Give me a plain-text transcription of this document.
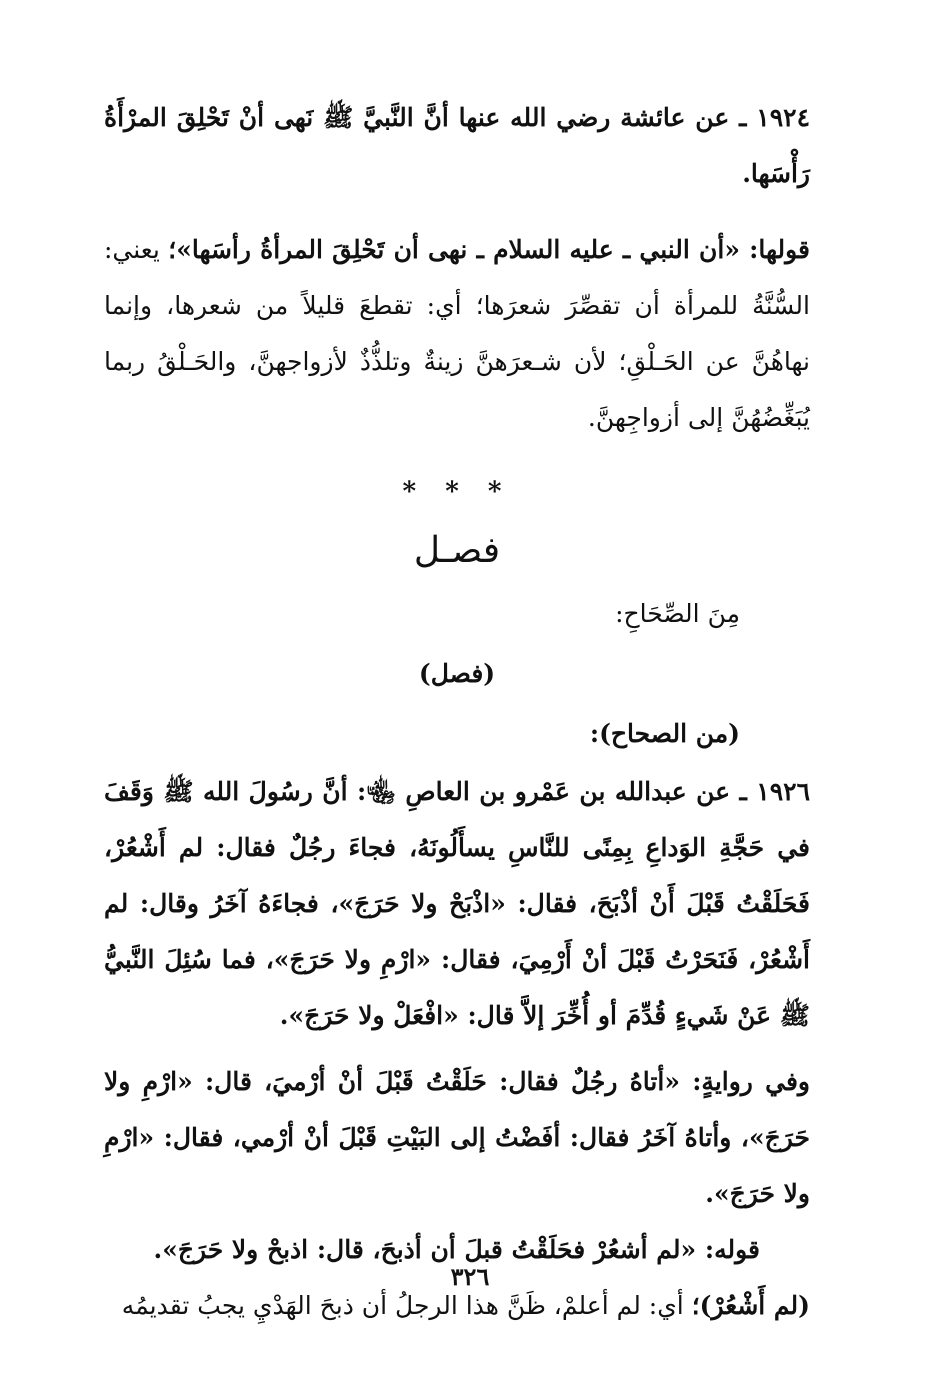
١٩٢٤ ـ عن عائشة رضي الله عنها أنَّ النَّبيَّ ﷺ نَهى أنْ تَحْلِقَ المرْأَةُ رَأْسَها.

قولها: «أن النبي ـ عليه السلام ـ نهى أن تَحْلِقَ المرأةُ رأسَها»؛ يعني: السُّنَّةُ للمرأة أن تقصِّرَ شعرَها؛ أي: تقطعَ قليلاً من شعرها، وإنما نهاهُنَّ عن الحَـلْقِ؛ لأن شـعرَهنَّ زينةٌ وتلذُّذٌ لأزواجهنَّ، والحَـلْقُ ربما يُبَغِّضُهُنَّ إلى أزواجِهنَّ.

* * *
فصـل
مِنَ الصِّحَاحِ:
(فصل)
(من الصحاح):

١٩٢٦ ـ عن عبدالله بن عَمْرو بن العاصِ ﵄: أنَّ رسُولَ الله ﷺ وَقَفَ في حَجَّةِ الوَداعِ بِمِنًى للنَّاسِ يسأَلُونَهُ، فجاءَ رجُلٌ فقال: لم أَشْعُرْ، فَحَلَقْتُ قَبْلَ أَنْ أذْبَحَ، فقال: «اذْبَحْ ولا حَرَجَ»، فجاءَهُ آخَرُ وقال: لم أَشْعُرْ، فَنَحَرْتُ قَبْلَ أنْ أَرْمِيَ، فقال: «ارْمِ ولا حَرَجَ»، فما سُئِلَ النَّبيُّ ﷺ عَنْ شَيءٍ قُدِّمَ أو أُخِّرَ إلاَّ قال: «افْعَلْ ولا حَرَجَ».

وفي روايةٍ: «أتاهُ رجُلٌ فقال: حَلَقْتُ قَبْلَ أنْ أرْميَ، قال: «ارْمِ ولا حَرَجَ»، وأتاهُ آخَرُ فقال: أفَضْتُ إلى البَيْتِ قَبْلَ أنْ أرْمي، فقال: «ارْمِ ولا حَرَجَ».

قوله: «لم أشعُرْ فحَلَقْتُ قبلَ أن أذبحَ، قال: اذبحْ ولا حَرَجَ».

(لم أَشْعُرْ)؛ أي: لم أعلمْ، ظَنَّ هذا الرجلُ أن ذبحَ الهَدْيِ يجبُ تقديمُه

٣٢٦
